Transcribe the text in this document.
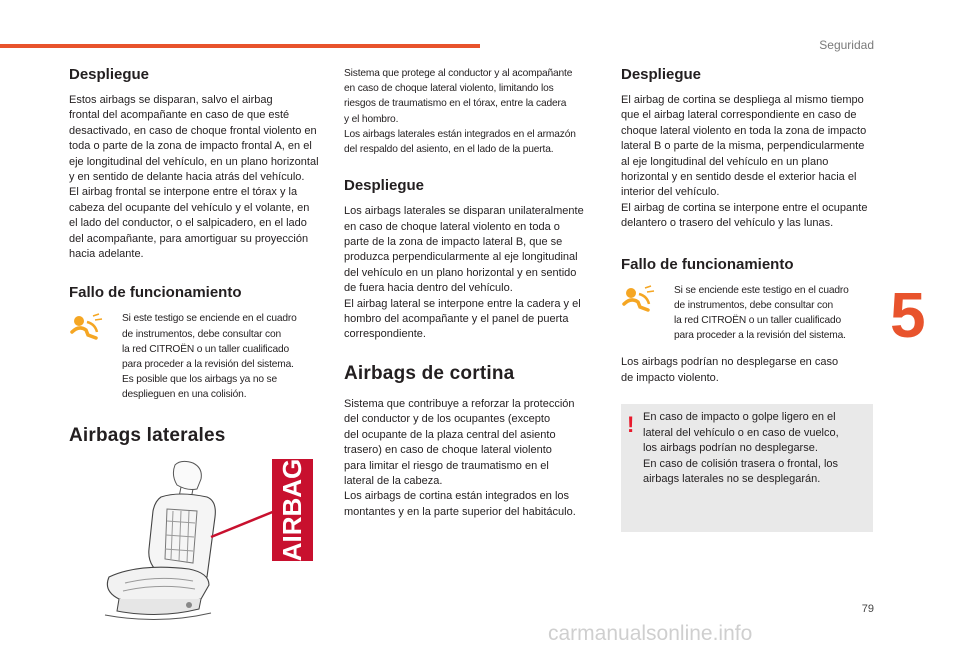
Seguridad
5
79
carmanualsonline.info
Despliegue

Estos airbags se disparan, salvo el airbag
frontal del acompañante en caso de que esté
desactivado, en caso de choque frontal violento en
toda o parte de la zona de impacto frontal A, en el
eje longitudinal del vehículo, en un plano horizontal
y en sentido de delante hacia atrás del vehículo.
El airbag frontal se interpone entre el tórax y la
cabeza del ocupante del vehículo y el volante, en
el lado del conductor, o el salpicadero, en el lado
del acompañante, para amortiguar su proyección
hacia adelante.

Fallo de funcionamiento

Si este testigo se enciende en el cuadro
de instrumentos, debe consultar con
la red CITROËN o un taller cualificado
para proceder a la revisión del sistema.
Es posible que los airbags ya no se
desplieguen en una colisión.

Airbags laterales
AIRBAG

Sistema que protege al conductor y al acompañante
en caso de choque lateral violento, limitando los
riesgos de traumatismo en el tórax, entre la cadera
y el hombro.
Los airbags laterales están integrados en el armazón
del respaldo del asiento, en el lado de la puerta.

Despliegue

Los airbags laterales se disparan unilateralmente
en caso de choque lateral violento en toda o
parte de la zona de impacto lateral B, que se
produzca perpendicularmente al eje longitudinal
del vehículo en un plano horizontal y en sentido
de fuera hacia dentro del vehículo.
El airbag lateral se interpone entre la cadera y el
hombro del acompañante y el panel de puerta
correspondiente.

Airbags de cortina

Sistema que contribuye a reforzar la protección
del conductor y de los ocupantes (excepto
del ocupante de la plaza central del asiento
trasero) en caso de choque lateral violento
para limitar el riesgo de traumatismo en el
lateral de la cabeza.
Los airbags de cortina están integrados en los
montantes y en la parte superior del habitáculo.

Despliegue

El airbag de cortina se despliega al mismo tiempo
que el airbag lateral correspondiente en caso de
choque lateral violento en toda la zona de impacto
lateral B o parte de la misma, perpendicularmente
al eje longitudinal del vehículo en un plano
horizontal y en sentido desde el exterior hacia el
interior del vehículo.
El airbag de cortina se interpone entre el ocupante
delantero o trasero del vehículo y las lunas.

Fallo de funcionamiento

Si se enciende este testigo en el cuadro
de instrumentos, debe consultar con
la red CITROËN o un taller cualificado
para proceder a la revisión del sistema.

Los airbags podrían no desplegarse en caso
de impacto violento.

! En caso de impacto o golpe ligero en el
lateral del vehículo o en caso de vuelco,
los airbags podrían no desplegarse.
En caso de colisión trasera o frontal, los
airbags laterales no se desplegarán.
